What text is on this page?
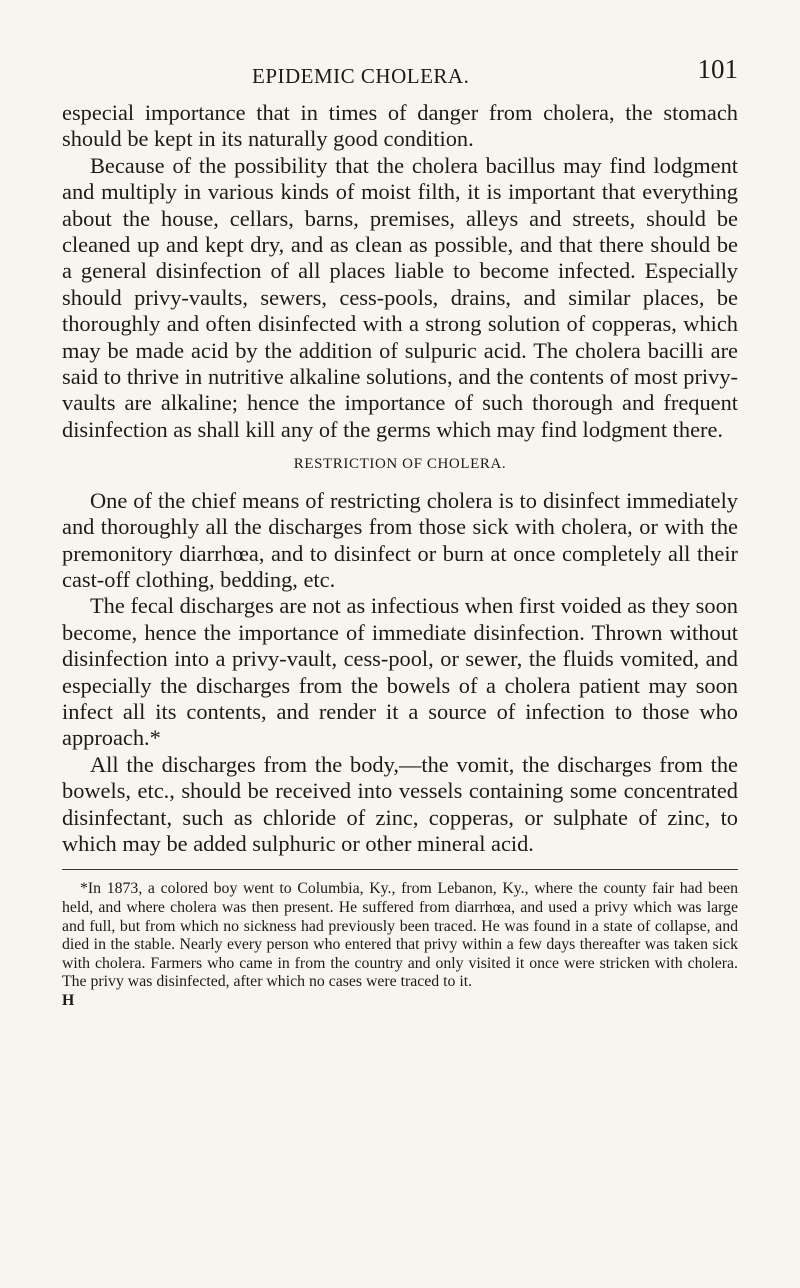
EPIDEMIC CHOLERA.	101

especial importance that in times of danger from cholera, the stomach should be kept in its naturally good condition.

Because of the possibility that the cholera bacillus may find lodgment and multiply in various kinds of moist filth, it is important that everything about the house, cellars, barns, premises, alleys and streets, should be cleaned up and kept dry, and as clean as possible, and that there should be a general disinfection of all places liable to become infected. Especially should privy-vaults, sewers, cess-pools, drains, and similar places, be thoroughly and often disinfected with a strong solution of copperas, which may be made acid by the addition of sulpuric acid. The cholera bacilli are said to thrive in nutritive alkaline solutions, and the contents of most privy-vaults are alkaline; hence the importance of such thorough and frequent disinfection as shall kill any of the germs which may find lodgment there.

RESTRICTION OF CHOLERA.

One of the chief means of restricting cholera is to disinfect immediately and thoroughly all the discharges from those sick with cholera, or with the premonitory diarrhœa, and to disinfect or burn at once completely all their cast-off clothing, bedding, etc.

The fecal discharges are not as infectious when first voided as they soon become, hence the importance of immediate disinfection. Thrown without disinfection into a privy-vault, cess-pool, or sewer, the fluids vomited, and especially the discharges from the bowels of a cholera patient may soon infect all its contents, and render it a source of infection to those who approach.*

All the discharges from the body,—the vomit, the discharges from the bowels, etc., should be received into vessels containing some concentrated disinfectant, such as chloride of zinc, copperas, or sulphate of zinc, to which may be added sulphuric or other mineral acid.

*In 1873, a colored boy went to Columbia, Ky., from Lebanon, Ky., where the county fair had been held, and where cholera was then present. He suffered from diarrhœa, and used a privy which was large and full, but from which no sickness had previously been traced. He was found in a state of collapse, and died in the stable. Nearly every person who entered that privy within a few days thereafter was taken sick with cholera. Farmers who came in from the country and only visited it once were stricken with cholera. The privy was disinfected, after which no cases were traced to it.

H
